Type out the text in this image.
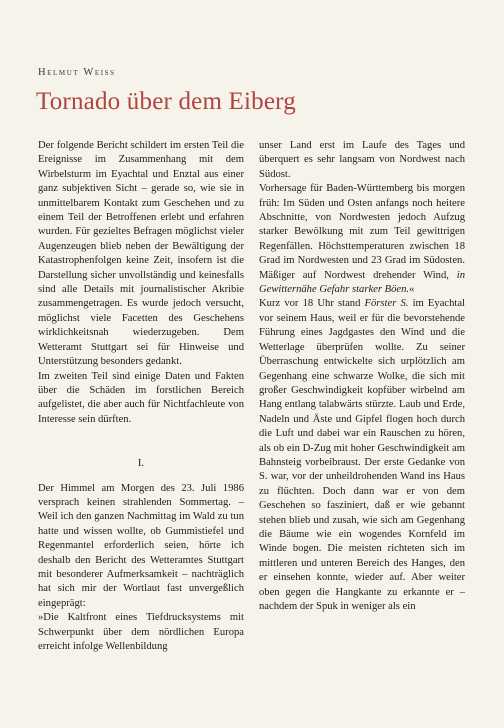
Helmut Weiss
Tornado über dem Eiberg

Der folgende Bericht schildert im ersten Teil die Ereignisse im Zusammenhang mit dem Wirbelsturm im Eyachtal und Enztal aus einer ganz subjektiven Sicht – gerade so, wie sie in unmittelbarem Kontakt zum Geschehen und zu einem Teil der Betroffenen erlebt und erfahren wurden. Für gezieltes Befragen möglichst vieler Augenzeugen blieb neben der Bewältigung der Katastrophenfolgen keine Zeit, insofern ist die Darstellung sicher unvollständig und keinesfalls sind alle Details mit journalistischer Akribie zusammengetragen. Es wurde jedoch versucht, möglichst viele Facetten des Geschehens wirklichkeitsnah wiederzugeben. Dem Wetteramt Stuttgart sei für Hinweise und Unterstützung besonders gedankt.

Im zweiten Teil sind einige Daten und Fakten über die Schäden im forstlichen Bereich aufgelistet, die aber auch für Nichtfachleute von Interesse sein dürften.

I.

Der Himmel am Morgen des 23. Juli 1986 versprach keinen strahlenden Sommertag. – Weil ich den ganzen Nachmittag im Wald zu tun hatte und wissen wollte, ob Gummistiefel und Regenmantel erforderlich seien, hörte ich deshalb den Bericht des Wetteramtes Stuttgart mit besonderer Aufmerksamkeit – nachträglich hat sich mir der Wortlaut fast unvergeßlich eingeprägt:

»Die Kaltfront eines Tiefdrucksystems mit Schwerpunkt über dem nördlichen Europa erreicht infolge Wellenbildung

unser Land erst im Laufe des Tages und überquert es sehr langsam von Nordwest nach Südost.

Vorhersage für Baden-Württemberg bis morgen früh: Im Süden und Osten anfangs noch heitere Abschnitte, von Nordwesten jedoch Aufzug starker Bewölkung mit zum Teil gewittrigen Regenfällen. Höchsttemperaturen zwischen 18 Grad im Nordwesten und 23 Grad im Südosten. Mäßiger auf Nordwest drehender Wind, in Gewitternähe Gefahr starker Böen.«

Kurz vor 18 Uhr stand Förster S. im Eyachtal vor seinem Haus, weil er für die bevorstehende Führung eines Jagdgastes den Wind und die Wetterlage überprüfen wollte. Zu seiner Überraschung entwickelte sich urplötzlich am Gegenhang eine schwarze Wolke, die sich mit großer Geschwindigkeit kopfüber wirbelnd am Hang entlang talabwärts stürzte. Laub und Erde, Nadeln und Äste und Gipfel flogen hoch durch die Luft und dabei war ein Rauschen zu hören, als ob ein D-Zug mit hoher Geschwindigkeit am Bahnsteig vorbeibraust. Der erste Gedanke von S. war, vor der unheildrohenden Wand ins Haus zu flüchten. Doch dann war er von dem Geschehen so fasziniert, daß er wie gebannt stehen blieb und zusah, wie sich am Gegenhang die Bäume wie ein wogendes Kornfeld im Winde bogen. Die meisten richteten sich im mittleren und unteren Bereich des Hanges, den er einsehen konnte, wieder auf. Aber weiter oben gegen die Hangkante zu erkannte er – nachdem der Spuk in weniger als ein
